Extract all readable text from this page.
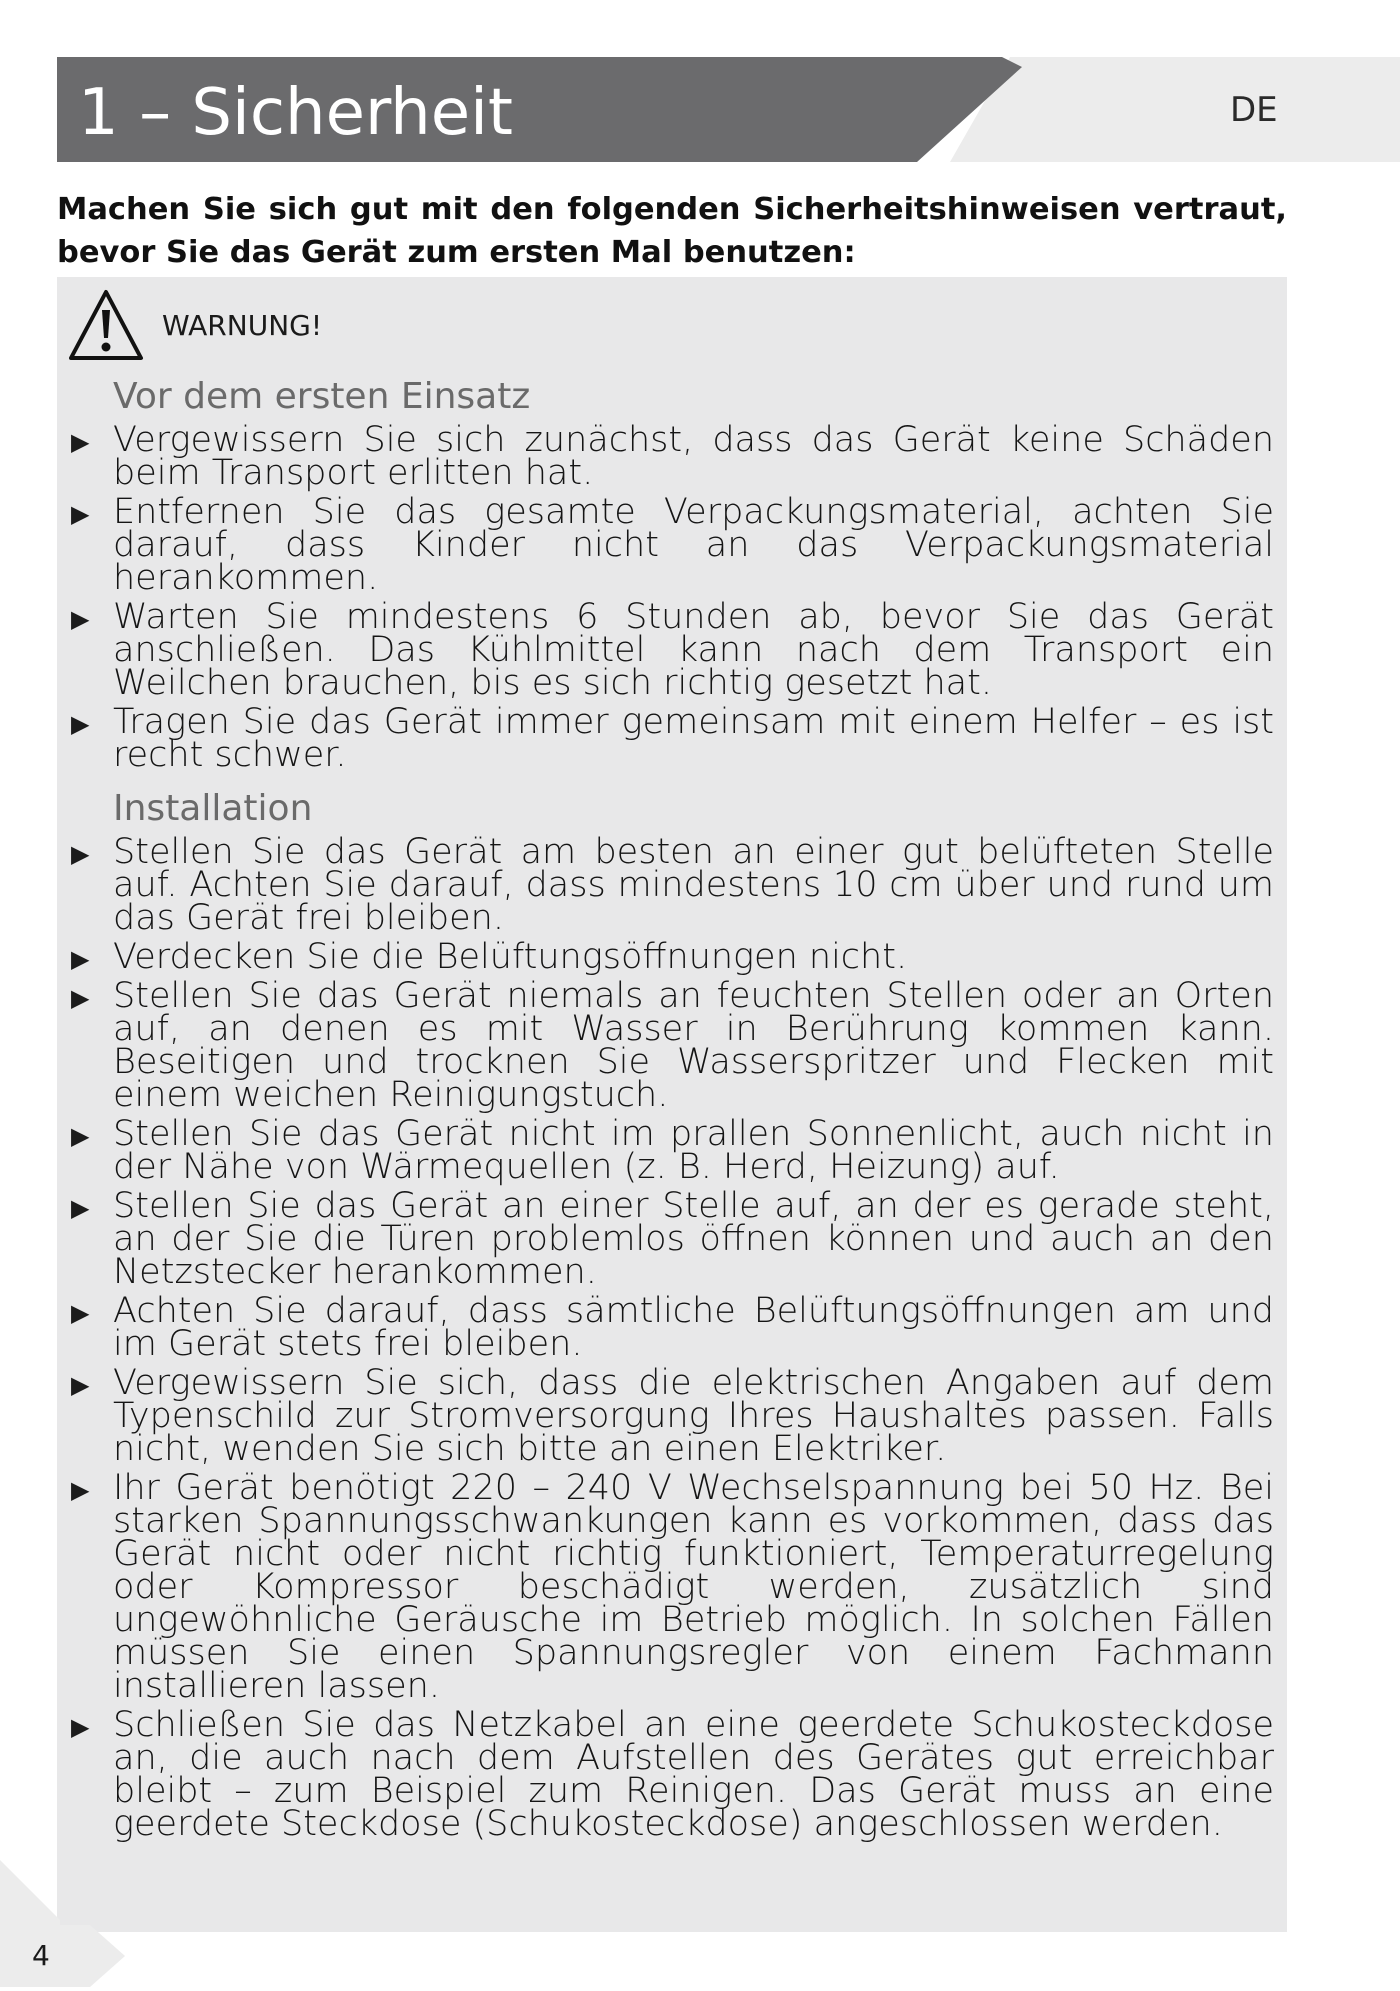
1 – Sicherheit	DE

Machen Sie sich gut mit den folgenden Sicherheitshinweisen vertraut, bevor Sie das Gerät zum ersten Mal benutzen:

WARNUNG!
Vor dem ersten Einsatz
▶ Vergewissern Sie sich zunächst, dass das Gerät keine Schäden beim Transport erlitten hat.
▶ Entfernen Sie das gesamte Verpackungsmaterial, achten Sie darauf, dass Kinder nicht an das Verpackungsmaterial herankommen.
▶ Warten Sie mindestens 6 Stunden ab, bevor Sie das Gerät anschließen. Das Kühlmittel kann nach dem Transport ein Weilchen brauchen, bis es sich richtig gesetzt hat.
▶ Tragen Sie das Gerät immer gemeinsam mit einem Helfer – es ist recht schwer.
Installation
▶ Stellen Sie das Gerät am besten an einer gut belüfteten Stelle auf. Achten Sie darauf, dass mindestens 10 cm über und rund um das Gerät frei bleiben.
▶ Verdecken Sie die Belüftungsöffnungen nicht.
▶ Stellen Sie das Gerät niemals an feuchten Stellen oder an Orten auf, an denen es mit Wasser in Berührung kommen kann. Beseitigen und trocknen Sie Wasserspritzer und Flecken mit einem weichen Reinigungstuch.
▶ Stellen Sie das Gerät nicht im prallen Sonnenlicht, auch nicht in der Nähe von Wärmequellen (z. B. Herd, Heizung) auf.
▶ Stellen Sie das Gerät an einer Stelle auf, an der es gerade steht, an der Sie die Türen problemlos öffnen können und auch an den Netzstecker herankommen.
▶ Achten Sie darauf, dass sämtliche Belüftungsöffnungen am und im Gerät stets frei bleiben.
▶ Vergewissern Sie sich, dass die elektrischen Angaben auf dem Typenschild zur Stromversorgung Ihres Haushaltes passen. Falls nicht, wenden Sie sich bitte an einen Elektriker.
▶ Ihr Gerät benötigt 220 – 240 V Wechselspannung bei 50 Hz. Bei starken Spannungsschwankungen kann es vorkommen, dass das Gerät nicht oder nicht richtig funktioniert, Temperaturregelung oder Kompressor beschädigt werden, zusätzlich sind ungewöhnliche Geräusche im Betrieb möglich. In solchen Fällen müssen Sie einen Spannungsregler von einem Fachmann installieren lassen.
▶ Schließen Sie das Netzkabel an eine geerdete Schukosteckdose an, die auch nach dem Aufstellen des Gerätes gut erreichbar bleibt – zum Beispiel zum Reinigen. Das Gerät muss an eine geerdete Steckdose (Schukosteckdose) angeschlossen werden.
4
